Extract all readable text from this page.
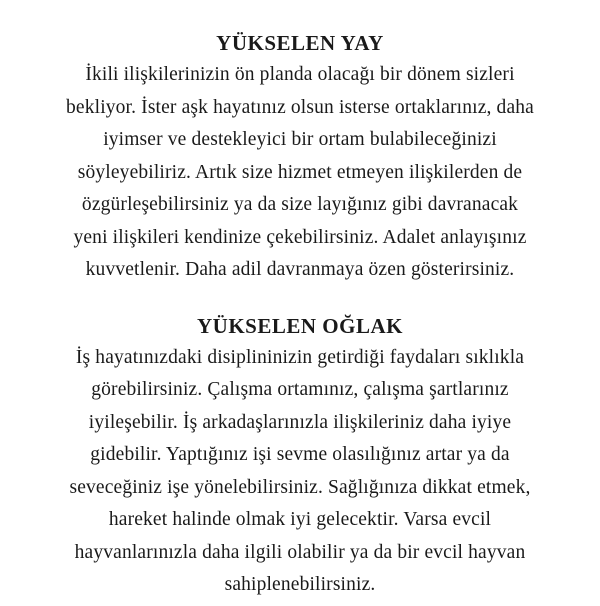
YÜKSELEN YAY
İkili ilişkilerinizin ön planda olacağı bir dönem sizleri
bekliyor. İster aşk hayatınız olsun isterse ortaklarınız, daha
iyimser ve destekleyici bir ortam bulabileceğinizi
söyleyebiliriz. Artık size hizmet etmeyen ilişkilerden de
özgürleşebilirsiniz ya da size layığınız gibi davranacak
yeni ilişkileri kendinize çekebilirsiniz. Adalet anlayışınız
kuvvetlenir. Daha adil davranmaya özen gösterirsiniz.
YÜKSELEN OĞLAK
İş hayatınızdaki disiplininizin getirdiği faydaları sıklıkla
görebilirsiniz. Çalışma ortamınız, çalışma şartlarınız
iyileşebilir. İş arkadaşlarınızla ilişkileriniz daha iyiye
gidebilir. Yaptığınız işi sevme olasılığınız artar ya da
seveceğiniz işe yönelebilirsiniz. Sağlığınıza dikkat etmek,
hareket halinde olmak iyi gelecektir. Varsa evcil
hayvanlarınızla daha ilgili olabilir ya da bir evcil hayvan
sahiplenebilirsiniz.
